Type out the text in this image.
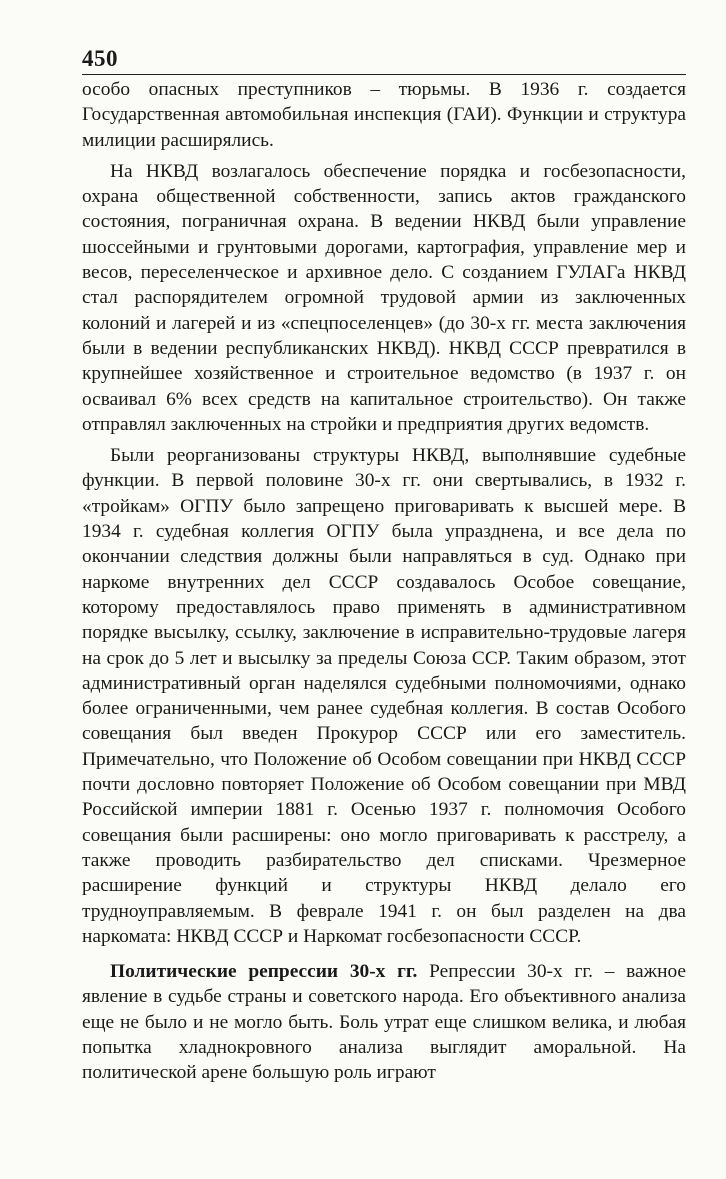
450

особо опасных преступников – тюрьмы. В 1936 г. создается Государственная автомобильная инспекция (ГАИ). Функции и структура милиции расширялись.

На НКВД возлагалось обеспечение порядка и госбезопасности, охрана общественной собственности, запись актов гражданского состояния, пограничная охрана. В ведении НКВД были управление шоссейными и грунтовыми дорогами, картография, управление мер и весов, переселенческое и архивное дело. С созданием ГУЛАГа НКВД стал распорядителем огромной трудовой армии из заключенных колоний и лагерей и из «спецпоселенцев» (до 30-х гг. места заключения были в ведении республиканских НКВД). НКВД СССР превратился в крупнейшее хозяйственное и строительное ведомство (в 1937 г. он осваивал 6% всех средств на капитальное строительство). Он также отправлял заключенных на стройки и предприятия других ведомств.

Были реорганизованы структуры НКВД, выполнявшие судебные функции. В первой половине 30-х гг. они свертывались, в 1932 г. «тройкам» ОГПУ было запрещено приговаривать к высшей мере. В 1934 г. судебная коллегия ОГПУ была упразднена, и все дела по окончании следствия должны были направляться в суд. Однако при наркоме внутренних дел СССР создавалось Особое совещание, которому предоставлялось право применять в административном порядке высылку, ссылку, заключение в исправительно-трудовые лагеря на срок до 5 лет и высылку за пределы Союза ССР. Таким образом, этот административный орган наделялся судебными полномочиями, однако более ограниченными, чем ранее судебная коллегия. В состав Особого совещания был введен Прокурор СССР или его заместитель. Примечательно, что Положение об Особом совещании при НКВД СССР почти дословно повторяет Положение об Особом совещании при МВД Российской империи 1881 г. Осенью 1937 г. полномочия Особого совещания были расширены: оно могло приговаривать к расстрелу, а также проводить разбирательство дел списками. Чрезмерное расширение функций и структуры НКВД делало его трудноуправляемым. В феврале 1941 г. он был разделен на два наркомата: НКВД СССР и Наркомат госбезопасности СССР.

Политические репрессии 30-х гг. Репрессии 30-х гг. – важное явление в судьбе страны и советского народа. Его объективного анализа еще не было и не могло быть. Боль утрат еще слишком велика, и любая попытка хладнокровного анализа выглядит аморальной. На политической арене большую роль играют
